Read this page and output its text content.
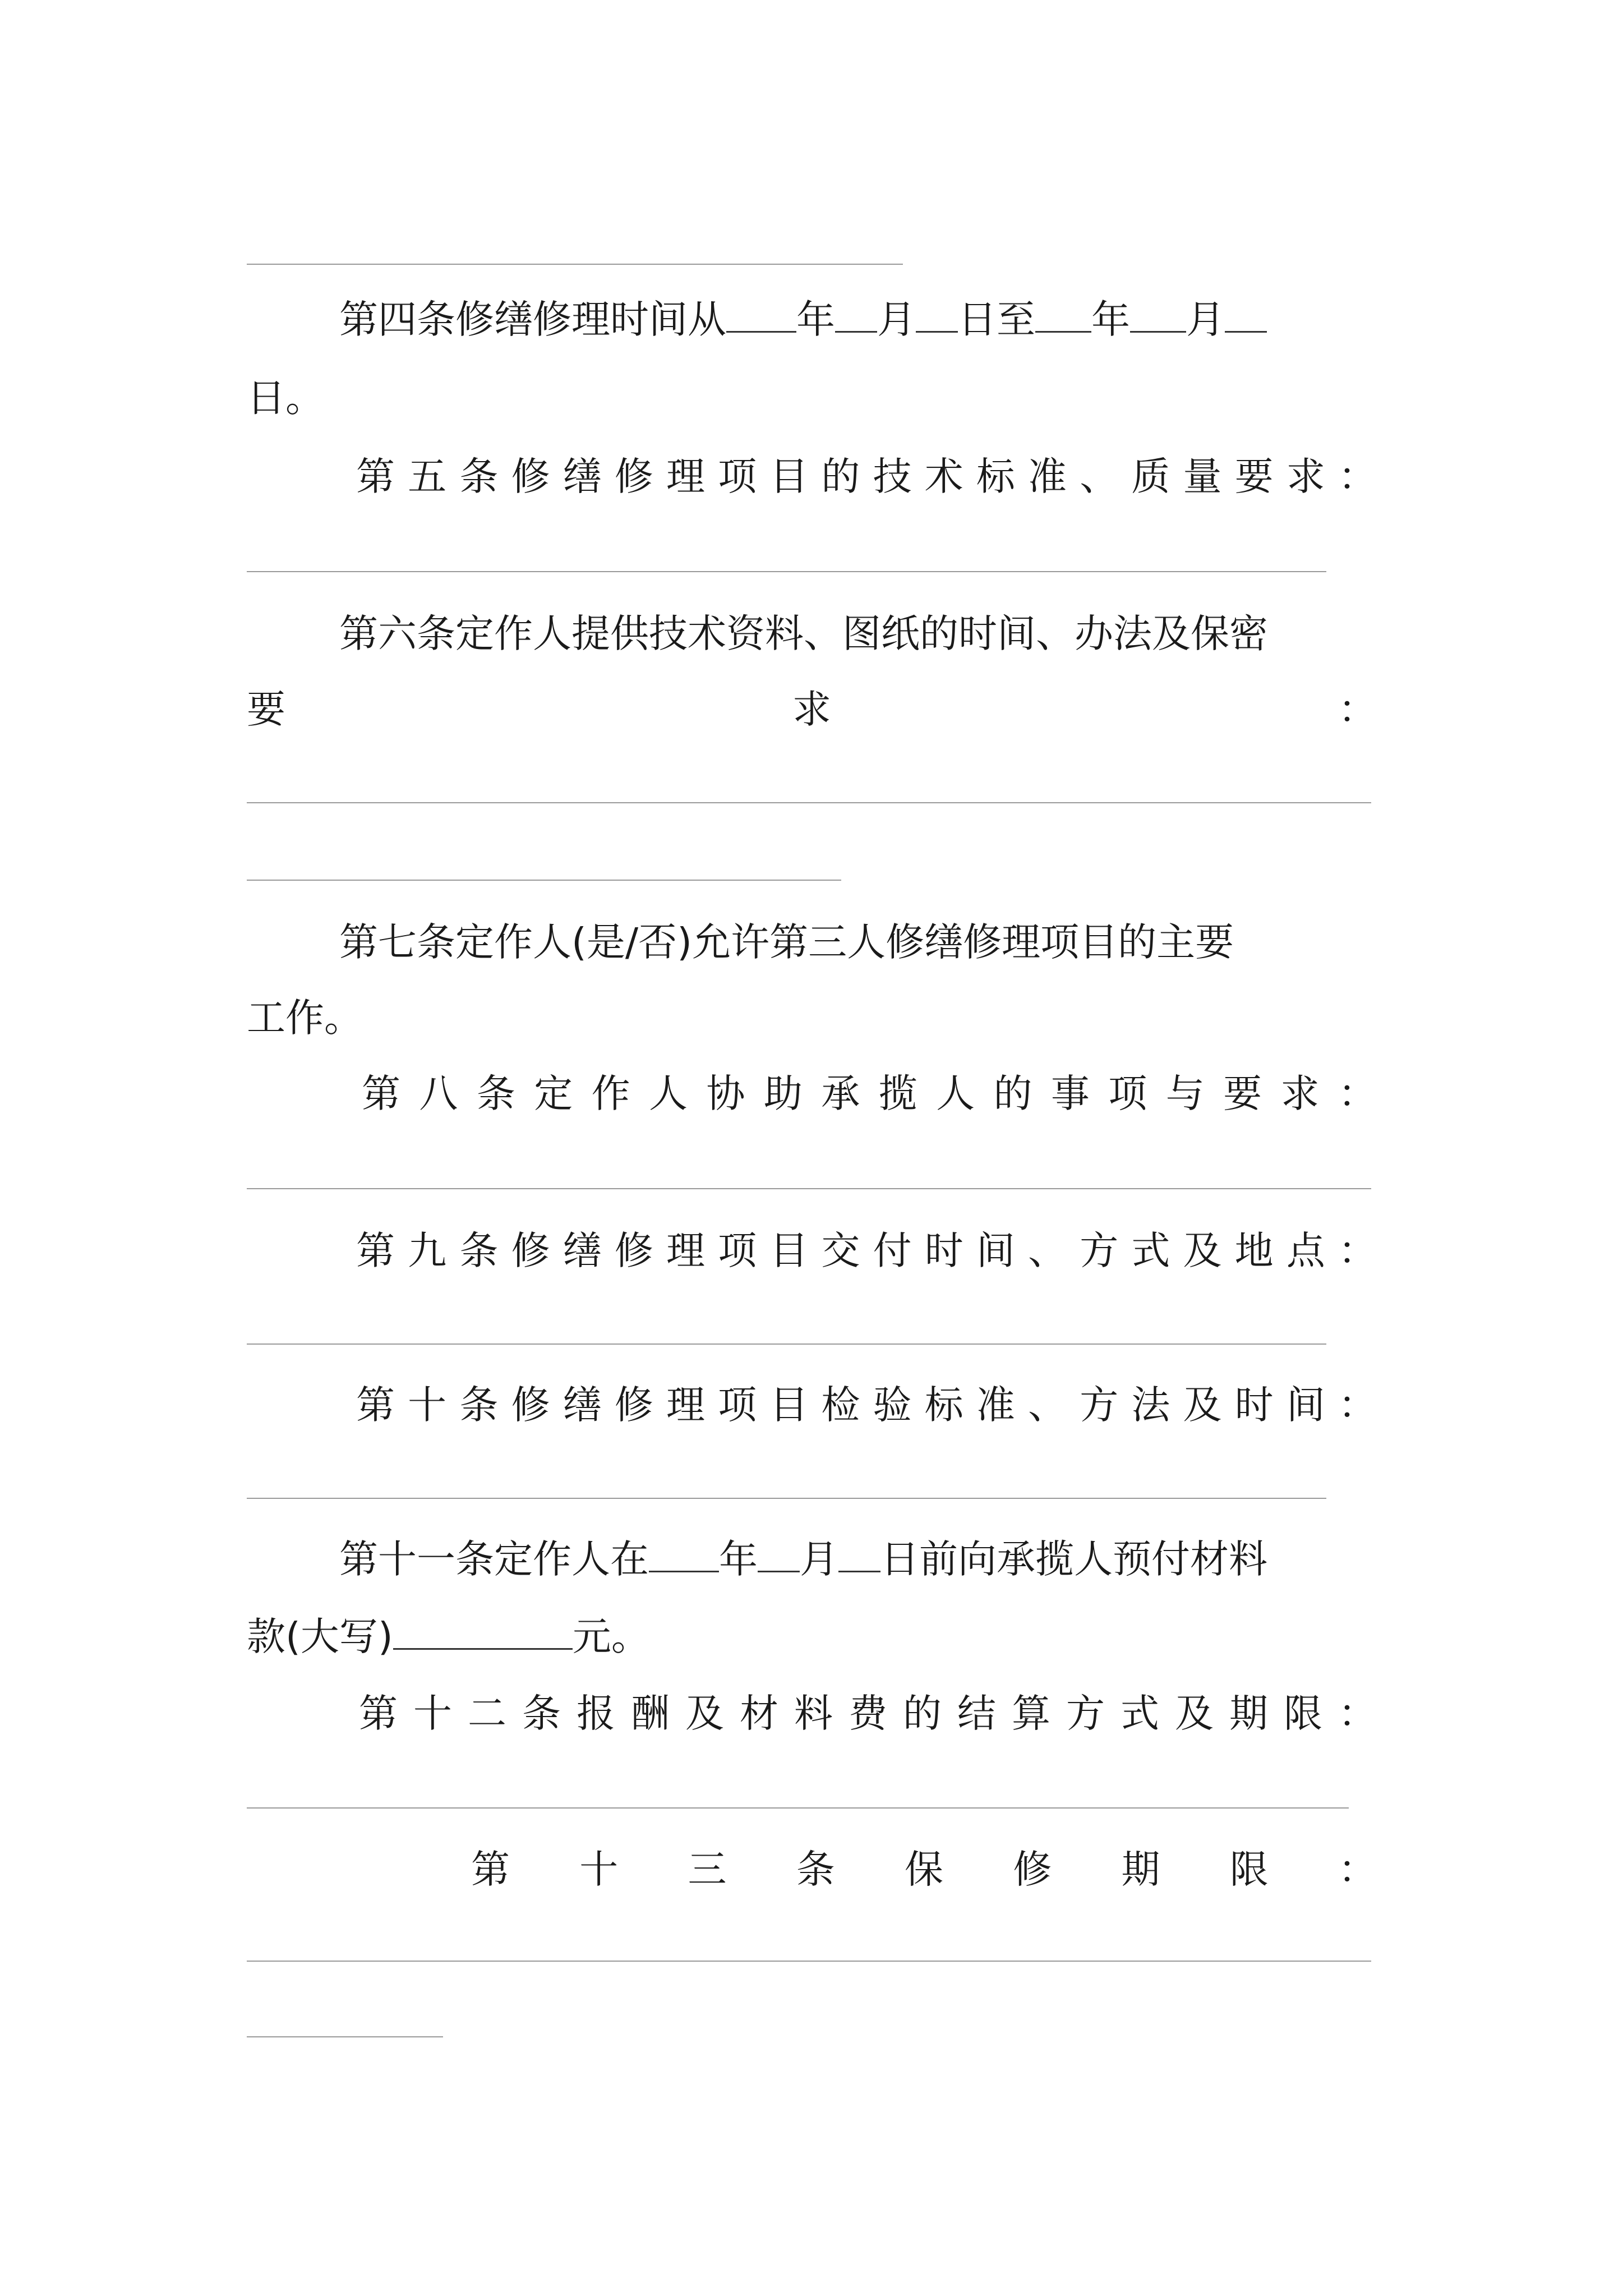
第四条修缮修理时间从 年 月 日至 年 月
日。
第 五 条 修 缮 修 理 项 目 的 技 术 标 准 、 质 量 要 求 ：
第六条定作人提供技术资料、图纸的时间、办法及保密
要	求	：
第七条定作人(是/否)允许第三人修缮修理项目的主要
工作。
第 八 条 定 作 人 协 助 承 揽 人 的 事 项 与 要 求 ：
第 九 条 修 缮 修 理 项 目 交 付 时 间 、 方 式 及 地 点 ：
第 十 条 修 缮 修 理 项 目 检 验 标 准 、 方 法 及 时 间 ：
第十一条定作人在 年 月 日前向承揽人预付材料
款(大写)	元。
第 十 二 条 报 酬 及 材 料 费 的 结 算 方 式 及 期 限 ：
第 十 三 条 保 修 期 限 ：
